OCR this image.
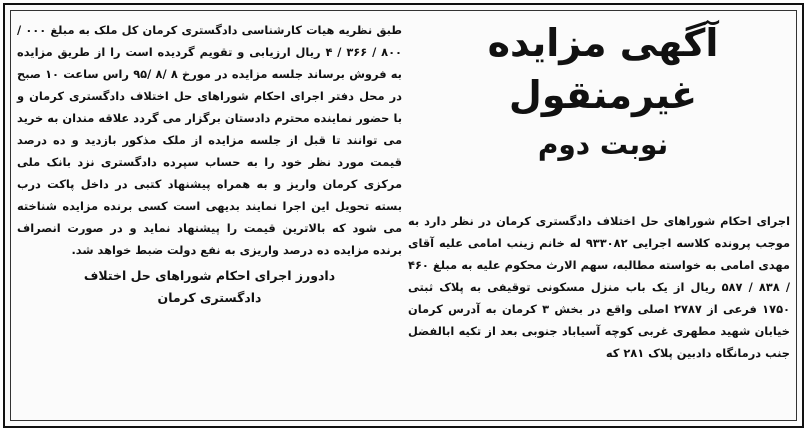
آگهی مزایده
غیرمنقول
نوبت دوم
اجرای احکام شوراهای حل اختلاف دادگستری کرمان در نظر دارد به موجب پرونده کلاسه اجرایی ۹۳۳۰۸۲ له خانم زینب امامی علیه آقای مهدی امامی به خواسته مطالبه، سهم الارث محکوم علیه به مبلغ ۴۶۰ / ۸۳۸ / ۵۸۷ ریال از یک باب منزل مسکونی توقیفی به پلاک ثبتی ۱۷۵۰ فرعی از ۲۷۸۷ اصلی واقع در بخش ۳ کرمان به آدرس کرمان خیابان شهید مطهری غربی کوچه آسیاباد جنوبی بعد از تکیه ابالفضل جنب درمانگاه دادبین پلاک ۲۸۱ که
طبق نظریه هیات کارشناسی دادگستری کرمان کل ملک به مبلغ ۰۰۰ / ۸۰۰ / ۳۶۶ / ۴ ریال ارزیابی و تقویم گردیده است را از طریق مزایده به فروش برساند جلسه مزایده در مورخ ۸ /۸ /۹۵ راس ساعت ۱۰ صبح در محل دفتر اجرای احکام شوراهای حل اختلاف دادگستری کرمان و با حضور نماینده محترم دادستان برگزار می گردد علاقه مندان به خرید می توانند تا قبل از جلسه مزایده از ملک مذکور بازدید و ده درصد قیمت مورد نظر خود را به حساب سپرده دادگستری نزد بانک ملی مرکزی کرمان واریز و به همراه پیشنهاد کتبی در داخل پاکت درب بسته تحویل این اجرا نمایند بدیهی است کسی برنده مزایده شناخته می شود که بالاترین قیمت را پیشنهاد نماید و در صورت انصراف برنده مزایده ده درصد واریزی به نفع دولت ضبط خواهد شد.
دادورز اجرای احکام شوراهای حل اختلاف
دادگستری کرمان
